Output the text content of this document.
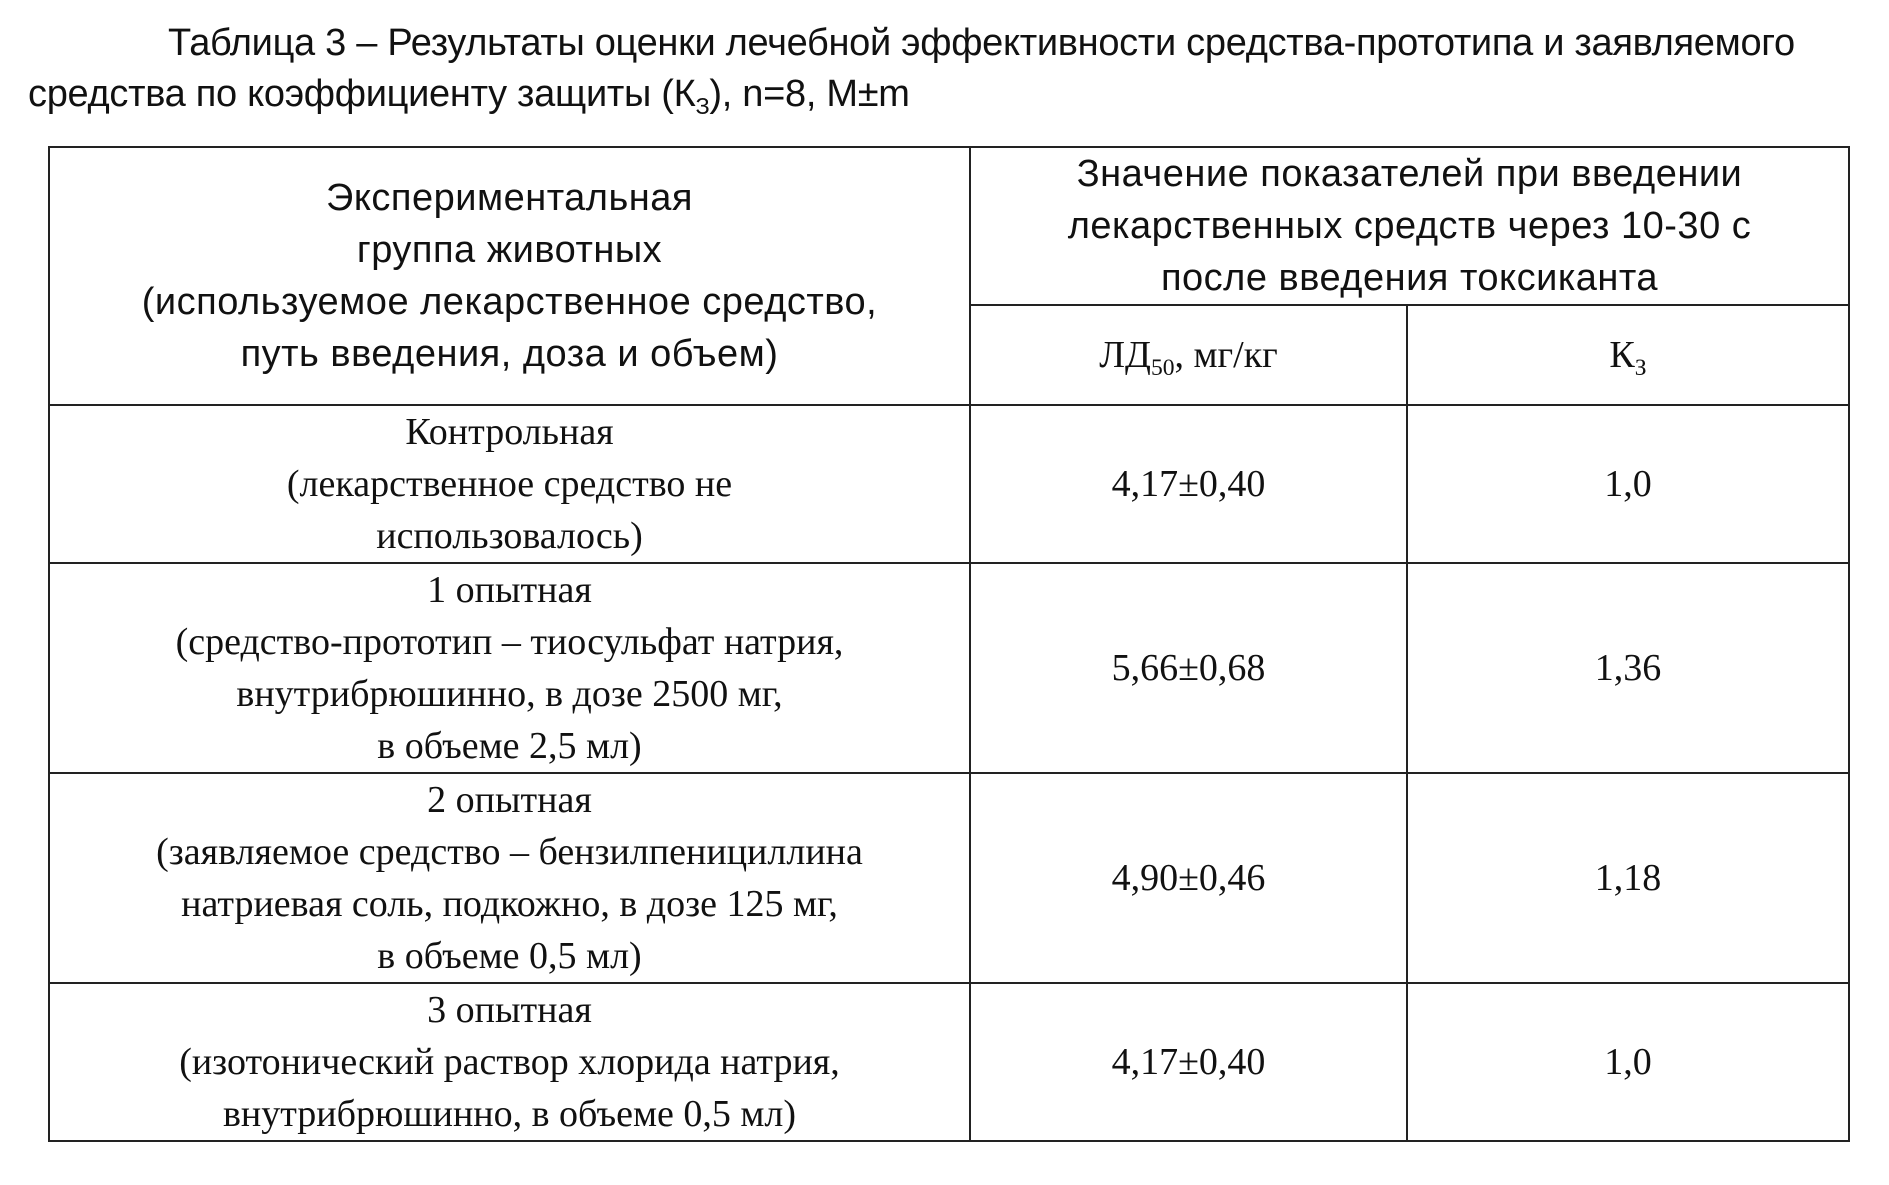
Таблица 3 – Результаты оценки лечебной эффективности средства-прототипа и заявляемого
средства по коэффициенту защиты $(К_З)$, n=8, M±m
Экспериментальная
группа животных
(используемое лекарственное средство,
путь введения, доза и объем)	Значение показателей при введении
лекарственных средств через 10-30 с
после введения токсиканта	

	$ЛД_{50}$, мг/кг	$К_З$

Контрольная
(лекарственное средство не
использовалось)	4,17±0,40	1,0

1 опытная
(средство-прототип – тиосульфат натрия,
внутрибрюшинно, в дозе 2500 мг,
в объеме 2,5 мл)	5,66±0,68	1,36

2 опытная
(заявляемое средство – бензилпенициллина
натриевая соль, подкожно, в дозе 125 мг,
в объеме 0,5 мл)	4,90±0,46	1,18

3 опытная
(изотонический раствор хлорида натрия,
внутрибрюшинно, в объеме 0,5 мл)	4,17±0,40	1,0
